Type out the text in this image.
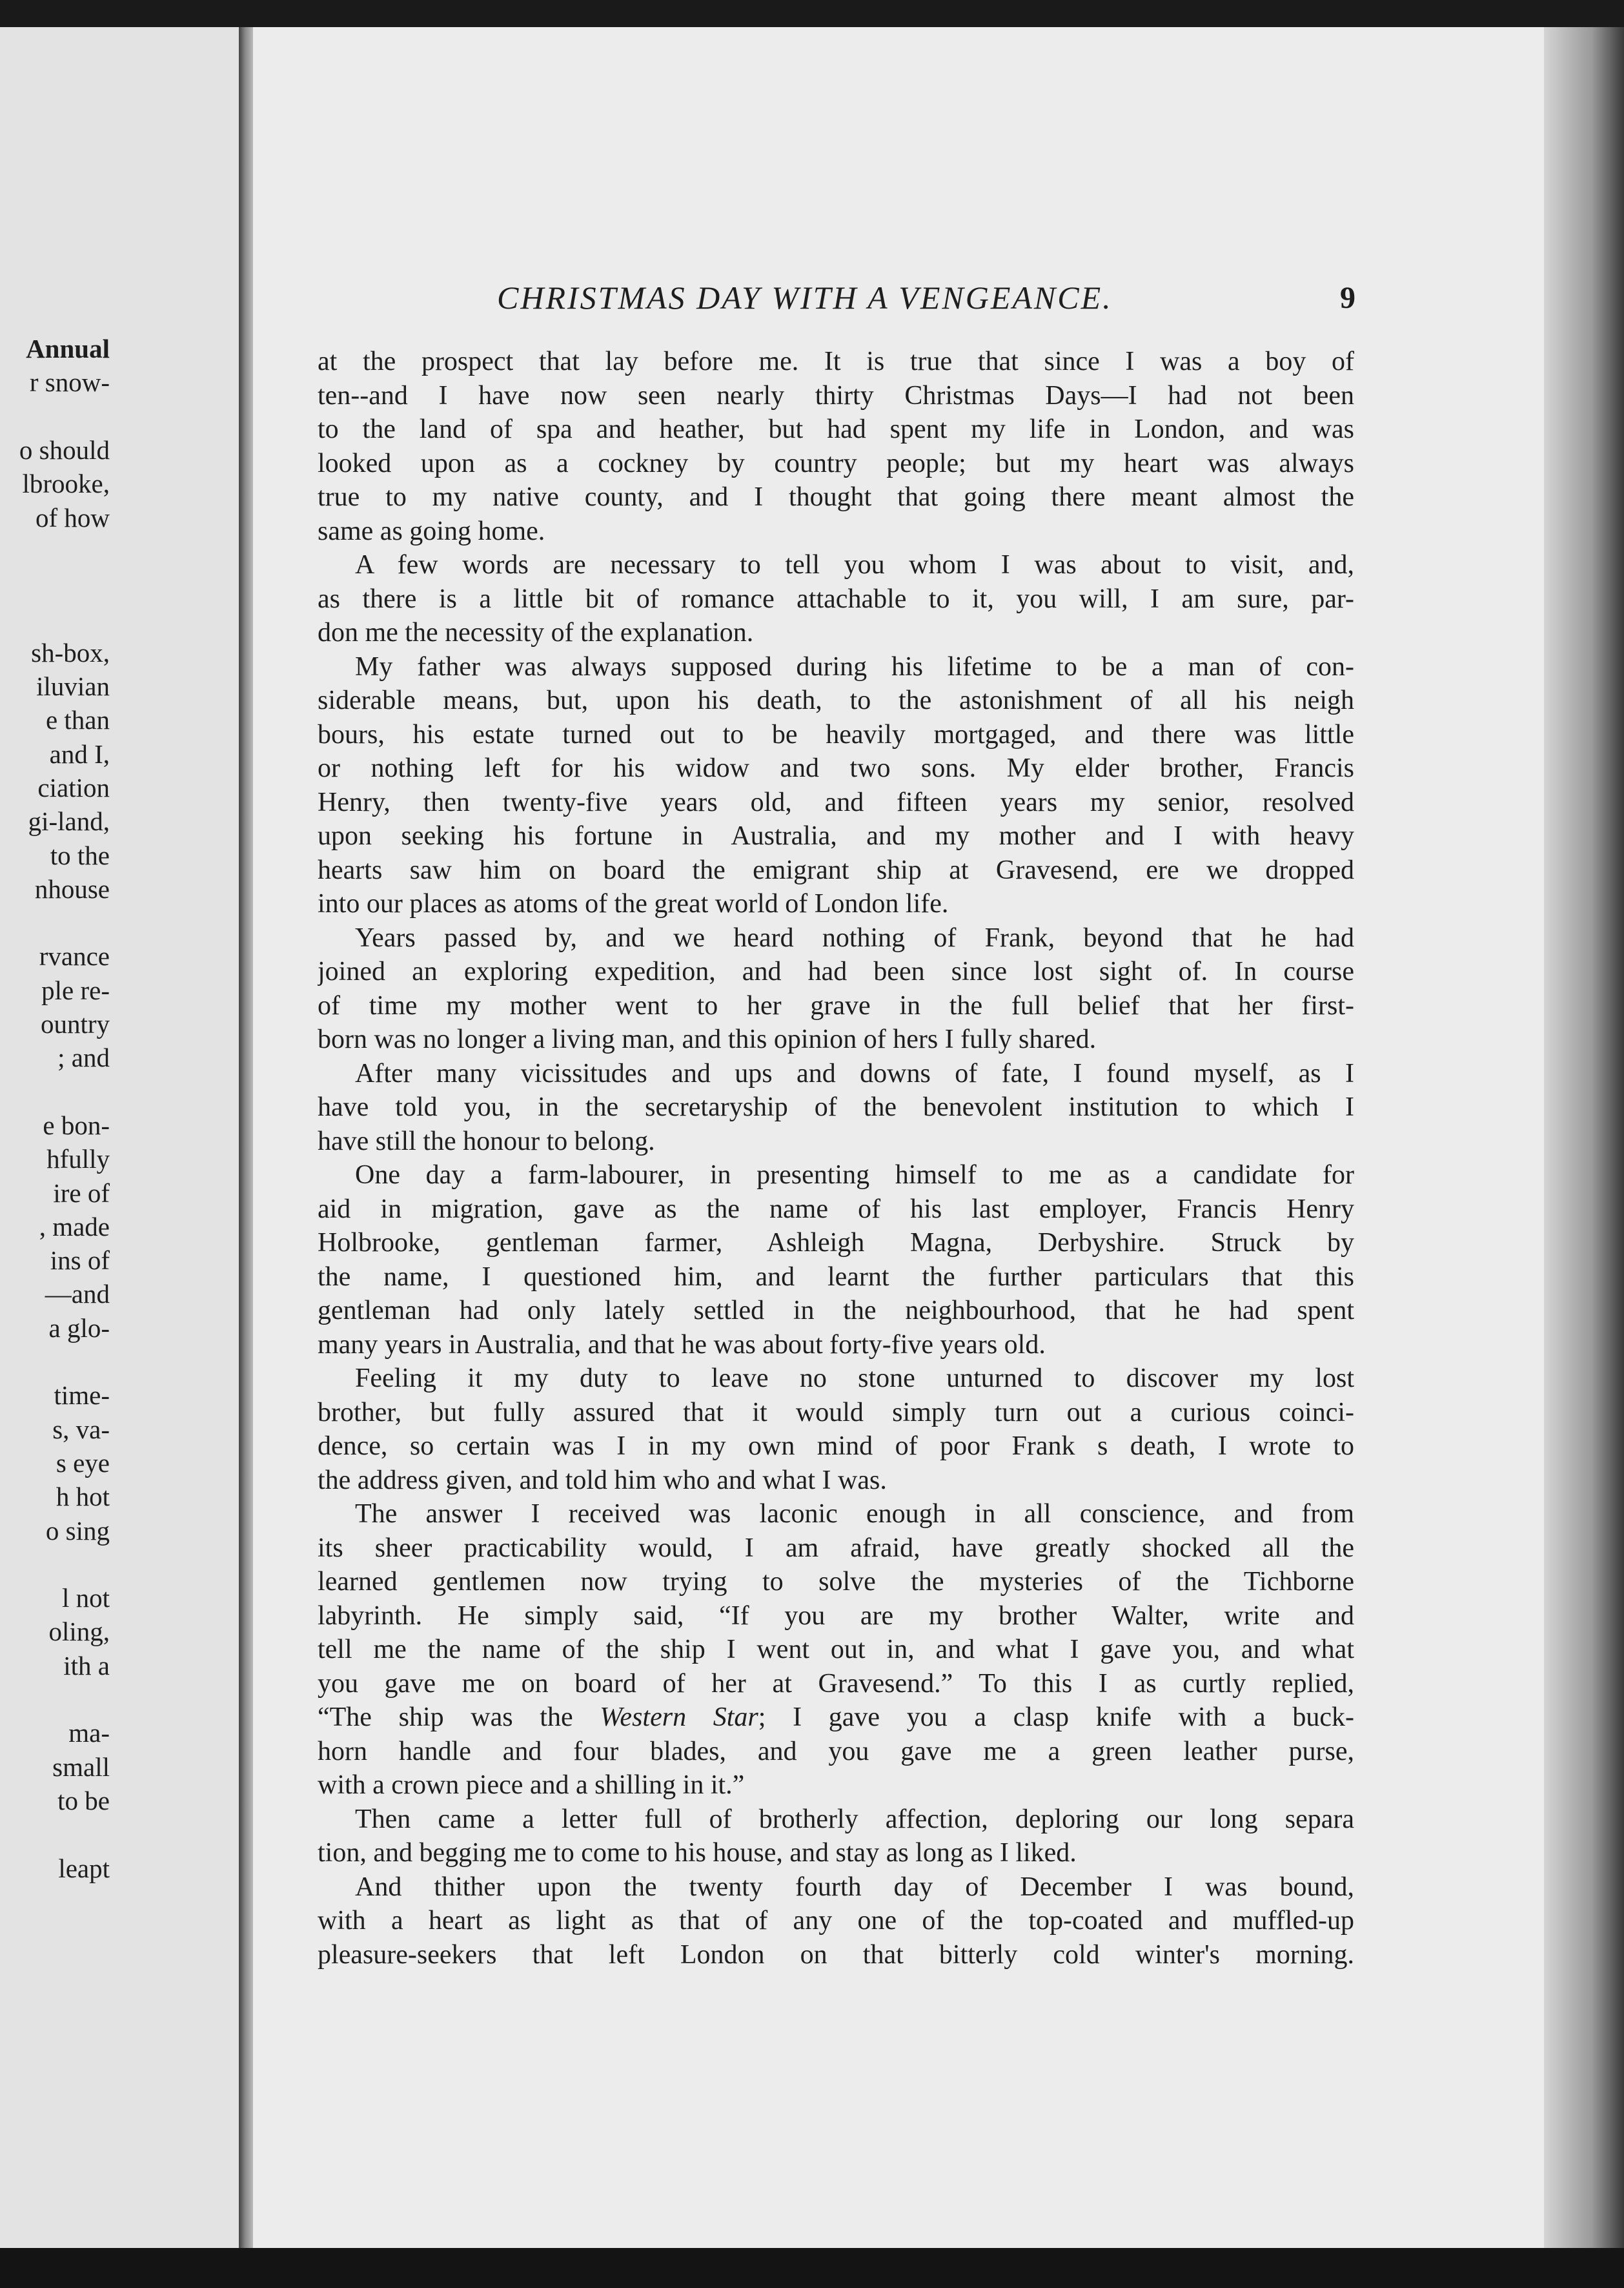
Annual
r snow-
o should
lbrooke,
of how
sh-box,
iluvian
e than
and I,
ciation
gi-land,
to the
nhouse
rvance
ple re-
ountry
; and
e bon-
hfully
ire of
, made
ins of
—and
a glo-
time-
s, va-
s eye
h hot
o sing
l not
oling,
ith a
ma-
small
to be
leapt
CHRISTMAS DAY WITH A VENGEANCE.	9
at the prospect that lay before me. It is true that since I was a boy of
ten--and I have now seen nearly thirty Christmas Days—I had not been
to the land of spa and heather, but had spent my life in London, and was
looked upon as a cockney by country people; but my heart was always
true to my native county, and I thought that going there meant almost the
same as going home.
A few words are necessary to tell you whom I was about to visit, and,
as there is a little bit of romance attachable to it, you will, I am sure, par-
don me the necessity of the explanation.
My father was always supposed during his lifetime to be a man of con-
siderable means, but, upon his death, to the astonishment of all his neigh
bours, his estate turned out to be heavily mortgaged, and there was little
or nothing left for his widow and two sons. My elder brother, Francis
Henry, then twenty-five years old, and fifteen years my senior, resolved
upon seeking his fortune in Australia, and my mother and I with heavy
hearts saw him on board the emigrant ship at Gravesend, ere we dropped
into our places as atoms of the great world of London life.
Years passed by, and we heard nothing of Frank, beyond that he had
joined an exploring expedition, and had been since lost sight of. In course
of time my mother went to her grave in the full belief that her first-
born was no longer a living man, and this opinion of hers I fully shared.
After many vicissitudes and ups and downs of fate, I found myself, as I
have told you, in the secretaryship of the benevolent institution to which I
have still the honour to belong.
One day a farm-labourer, in presenting himself to me as a candidate for
aid in migration, gave as the name of his last employer, Francis Henry
Holbrooke, gentleman farmer, Ashleigh Magna, Derbyshire. Struck by
the name, I questioned him, and learnt the further particulars that this
gentleman had only lately settled in the neighbourhood, that he had spent
many years in Australia, and that he was about forty-five years old.
Feeling it my duty to leave no stone unturned to discover my lost
brother, but fully assured that it would simply turn out a curious coinci-
dence, so certain was I in my own mind of poor Frank s death, I wrote to
the address given, and told him who and what I was.
The answer I received was laconic enough in all conscience, and from
its sheer practicability would, I am afraid, have greatly shocked all the
learned gentlemen now trying to solve the mysteries of the Tichborne
labyrinth. He simply said, “If you are my brother Walter, write and
tell me the name of the ship I went out in, and what I gave you, and what
you gave me on board of her at Gravesend.” To this I as curtly replied,
“The ship was the Western Star; I gave you a clasp knife with a buck-
horn handle and four blades, and you gave me a green leather purse,
with a crown piece and a shilling in it.”
Then came a letter full of brotherly affection, deploring our long separa
tion, and begging me to come to his house, and stay as long as I liked.
And thither upon the twenty fourth day of December I was bound,
with a heart as light as that of any one of the top-coated and muffled-up
pleasure-seekers that left London on that bitterly cold winter's morning.
